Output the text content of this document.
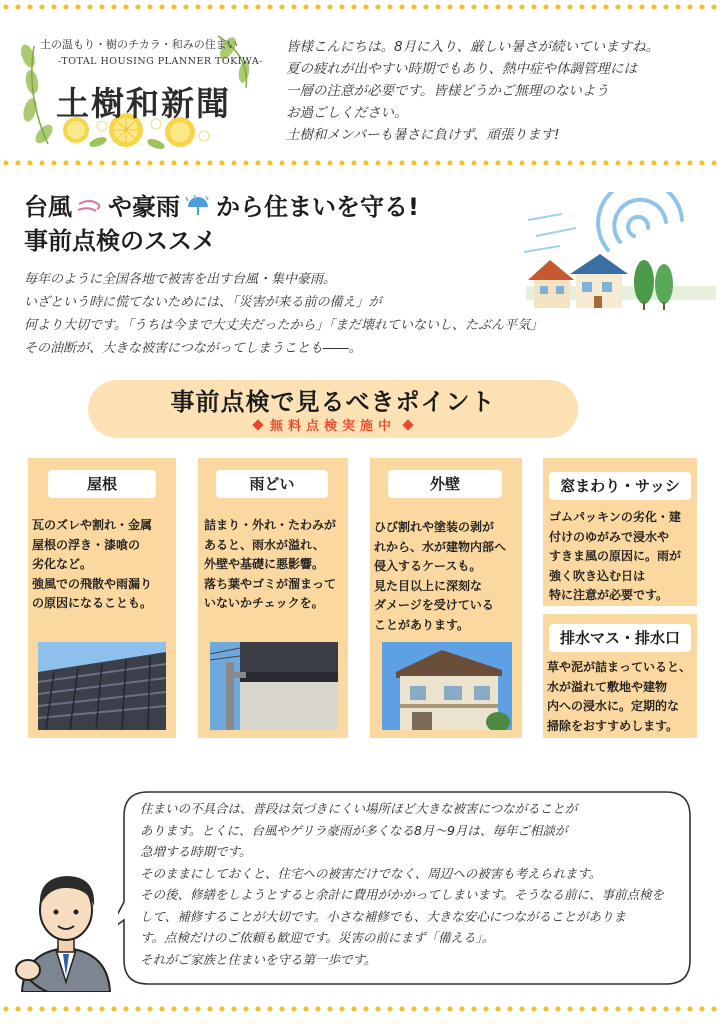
土の温もり・樹のチカラ・和みの住まい
-TOTAL HOUSING PLANNER TOKIWA-
土樹和新聞

皆様こんにちは。8月に入り、厳しい暑さが続いていますね。

夏の疲れが出やすい時期でもあり、熱中症や体調管理には

一層の注意が必要です。皆様どうかご無理のないよう

お過ごしください。

土樹和メンバーも暑さに負けず、頑張ります!

台風 や豪雨 から住まいを守る!
事前点検のススメ

毎年のように全国各地で被害を出す台風・集中豪雨。

いざという時に慌てないためには、「災害が来る前の備え」が

何より大切です。「うちは今まで大丈夫だったから」「まだ壊れていないし、たぶん平気」

その油断が、大きな被害につながってしまうことも――。

事前点検で見るべきポイント
無料点検実施中
屋根

瓦のズレや割れ・金属

屋根の浮き・漆喰の

劣化など。

強風での飛散や雨漏り

の原因になることも。

雨どい

詰まり・外れ・たわみが

あると、雨水が溢れ、

外壁や基礎に悪影響。

落ち葉やゴミが溜まって

いないかチェックを。

外壁

ひび割れや塗装の剥が

れから、水が建物内部へ

侵入するケースも。

見た目以上に深刻な

ダメージを受けている

ことがあります。

窓まわり・サッシ

ゴムパッキンの劣化・建

付けのゆがみで浸水や

すきま風の原因に。雨が

強く吹き込む日は

特に注意が必要です。

排水マス・排水口

草や泥が詰まっていると、

水が溢れて敷地や建物

内への浸水に。定期的な

掃除をおすすめします。

住まいの不具合は、普段は気づきにくい場所ほど大きな被害につながることが

あります。とくに、台風やゲリラ豪雨が多くなる8月〜9月は、毎年ご相談が

急増する時期です。

そのままにしておくと、住宅への被害だけでなく、周辺への被害も考えられます。

その後、修繕をしようとすると余計に費用がかかってしまいます。そうなる前に、事前点検を

して、補修することが大切です。小さな補修でも、大きな安心につながることがありま

す。点検だけのご依頼も歓迎です。災害の前にまず「備える」。

それがご家族と住まいを守る第一歩です。
